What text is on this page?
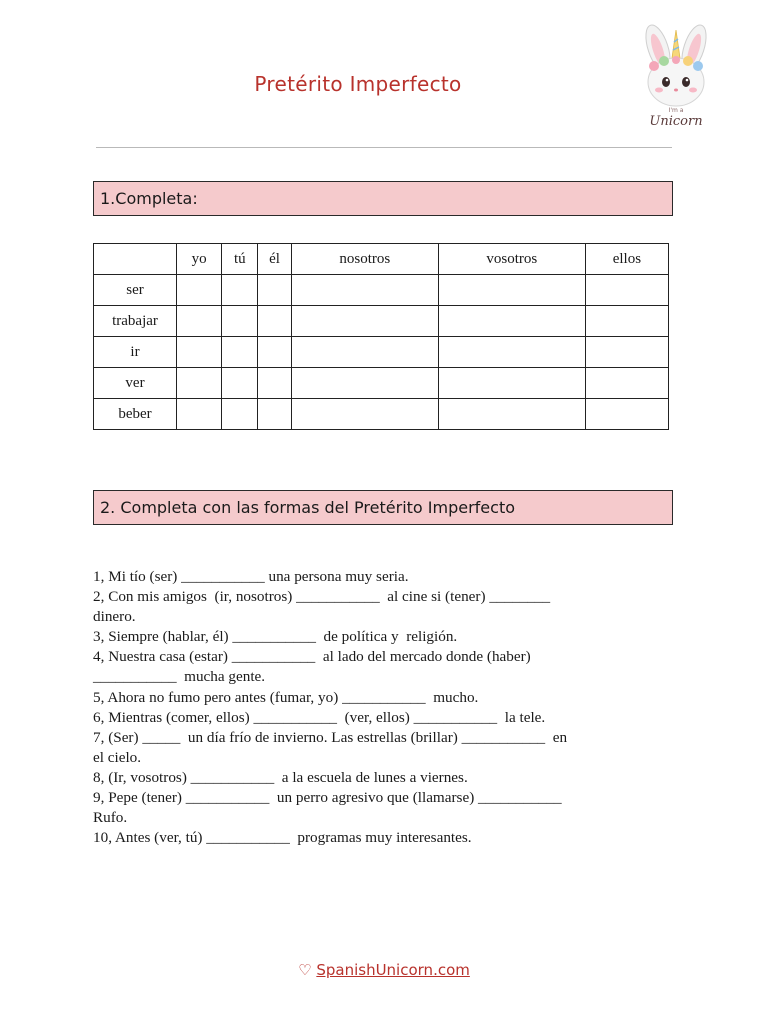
Pretérito Imperfecto
I'm a
Unicorn
1.Completa:
	yo	tú	él	nosotros	vosotros	ellos
ser						
trabajar						
ir						
ver						
beber						
2. Completa con las formas del Pretérito Imperfecto
1, Mi tío (ser) ___________ una persona muy seria.
2, Con mis amigos  (ir, nosotros) ___________  al cine si (tener) ________
dinero.
3, Siempre (hablar, él) ___________  de política y  religión.
4, Nuestra casa (estar) ___________  al lado del mercado donde (haber)
___________  mucha gente.
5, Ahora no fumo pero antes (fumar, yo) ___________  mucho.
6, Mientras (comer, ellos) ___________  (ver, ellos) ___________  la tele.
7, (Ser) _____  un día frío de invierno. Las estrellas (brillar) ___________  en
el cielo.
8, (Ir, vosotros) ___________  a la escuela de lunes a viernes.
9, Pepe (tener) ___________  un perro agresivo que (llamarse) ___________
Rufo.
10, Antes (ver, tú) ___________  programas muy interesantes.
♡ SpanishUnicorn.com
